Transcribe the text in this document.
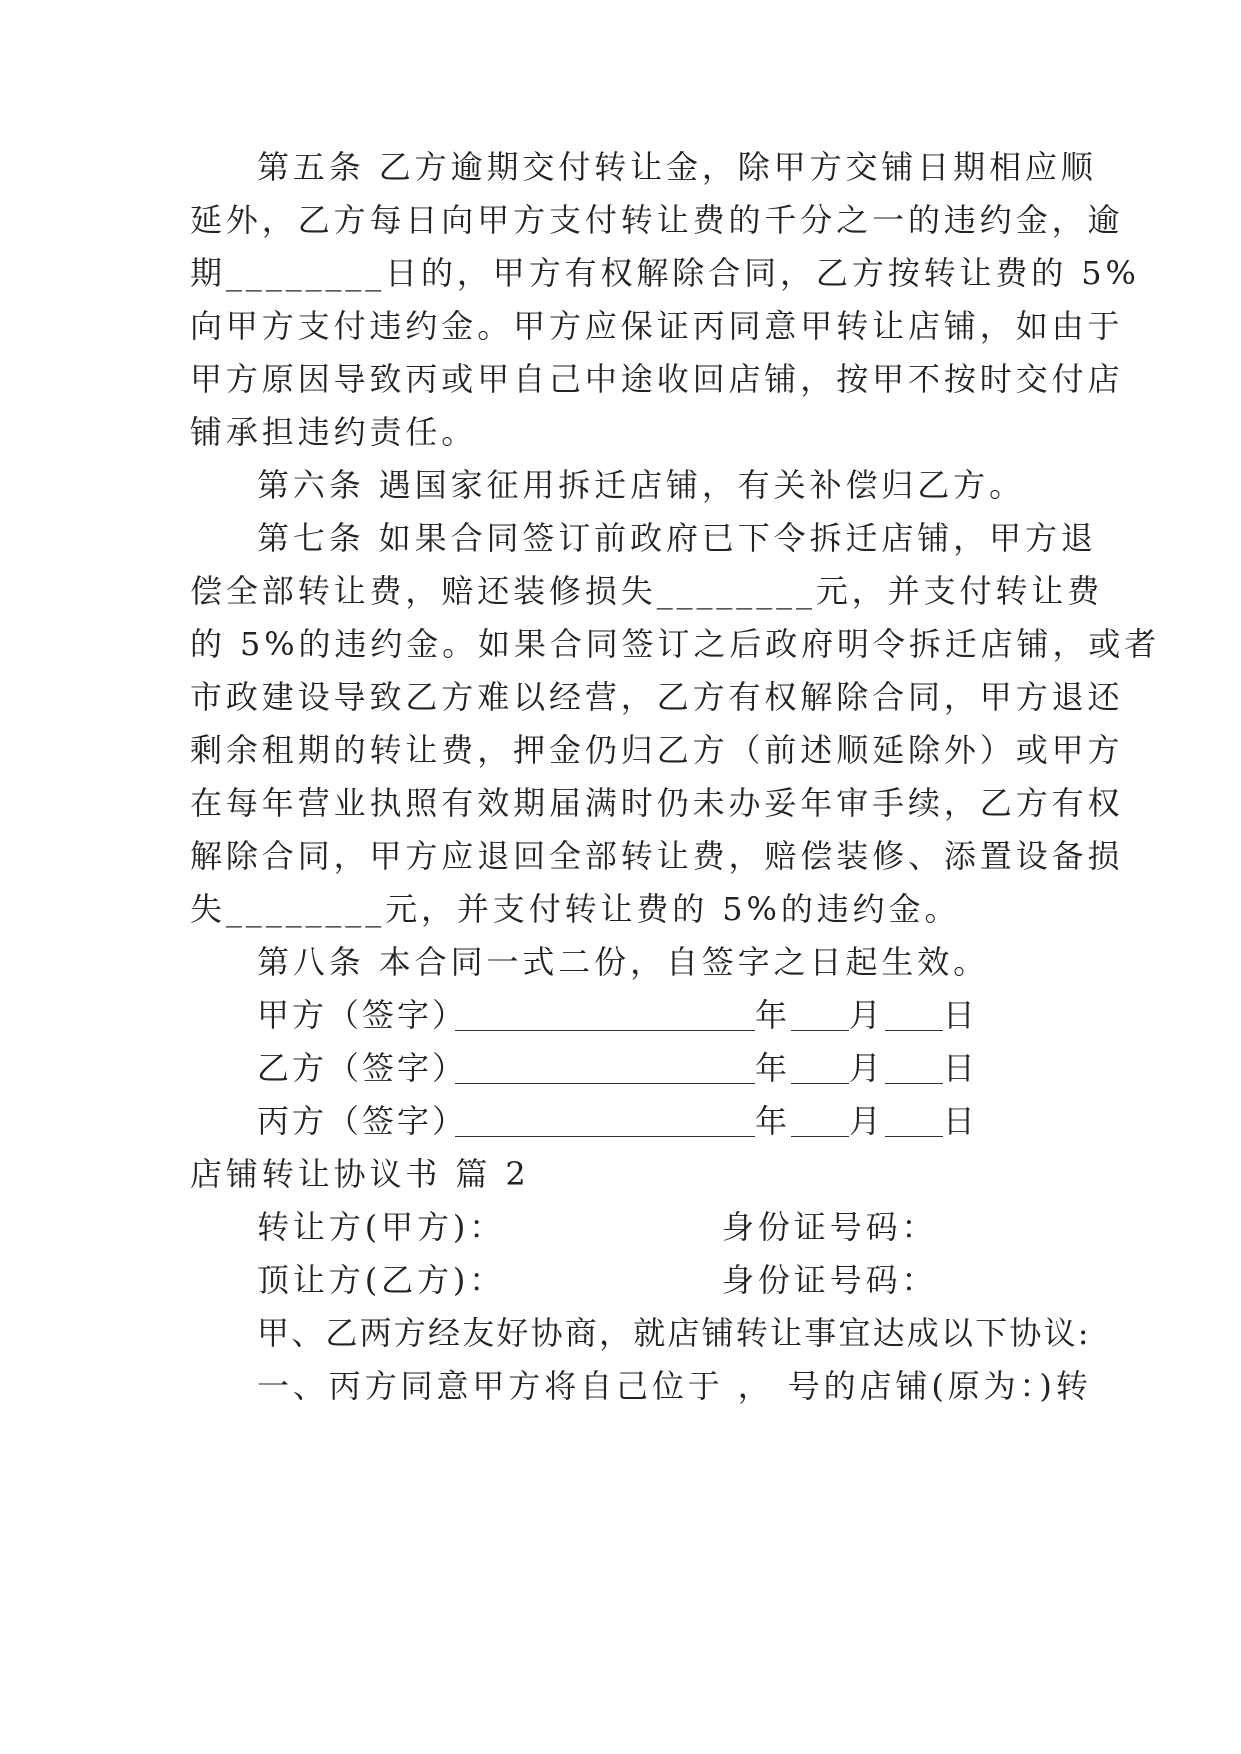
第五条 乙方逾期交付转让金，除甲方交铺日期相应顺
延外，乙方每日向甲方支付转让费的千分之一的违约金，逾
期________日的，甲方有权解除合同，乙方按转让费的 5%
向甲方支付违约金。甲方应保证丙同意甲转让店铺，如由于
甲方原因导致丙或甲自己中途收回店铺，按甲不按时交付店
铺承担违约责任。
第六条 遇国家征用拆迁店铺，有关补偿归乙方。
第七条 如果合同签订前政府已下令拆迁店铺，甲方退
偿全部转让费，赔还装修损失________元，并支付转让费
的 5%的违约金。如果合同签订之后政府明令拆迁店铺，或者
市政建设导致乙方难以经营，乙方有权解除合同，甲方退还
剩余租期的转让费，押金仍归乙方（前述顺延除外）或甲方
在每年营业执照有效期届满时仍未办妥年审手续，乙方有权
解除合同，甲方应退回全部转让费，赔偿装修、添置设备损
失________元，并支付转让费的 5%的违约金。
第八条 本合同一式二份，自签字之日起生效。
甲方（签字）	年 月 日
乙方（签字）	年 月 日
丙方（签字）	年 月 日
店铺转让协议书 篇 2
转让方(甲方)：	身份证号码：
顶让方(乙方)：	身份证号码：
甲、乙两方经友好协商，就店铺转让事宜达成以下协议:
一、丙方同意甲方将自己位于 ， 号的店铺(原为：)转
